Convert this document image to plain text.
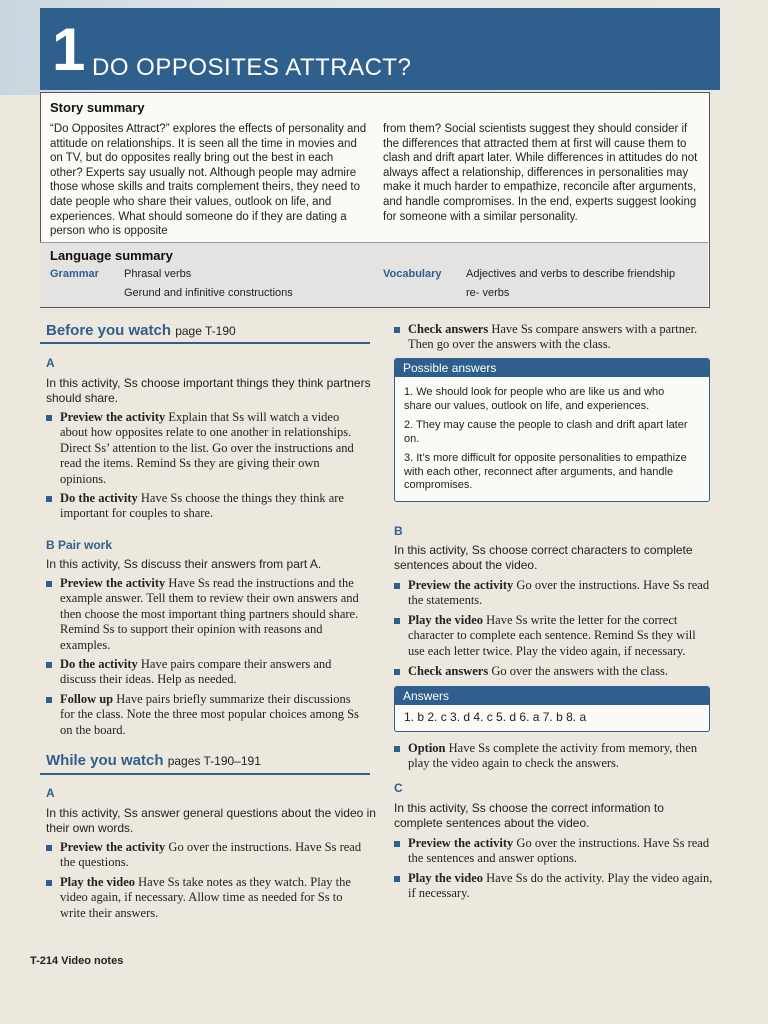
1 DO OPPOSITES ATTRACT?
Story summary
“Do Opposites Attract?” explores the effects of personality and attitude on relationships. It is seen all the time in movies and on TV, but do opposites really bring out the best in each other? Experts say usually not. Although people may admire those whose skills and traits complement theirs, they need to date people who share their values, outlook on life, and experiences. What should someone do if they are dating a person who is opposite
from them? Social scientists suggest they should consider if the differences that attracted them at first will cause them to clash and drift apart later. While differences in attitudes do not always affect a relationship, differences in personalities may make it much harder to empathize, reconcile after arguments, and handle compromises. In the end, experts suggest looking for someone with a similar personality.
Language summary
Grammar Phrasal verbs
Gerund and infinitive constructions
Vocabulary Adjectives and verbs to describe friendship
re- verbs
Before you watch page T-190
A
In this activity, Ss choose important things they think partners should share.
Preview the activity Explain that Ss will watch a video about how opposites relate to one another in relationships. Direct Ss’ attention to the list. Go over the instructions and read the items. Remind Ss they are giving their own opinions.
Do the activity Have Ss choose the things they think are important for couples to share.
B Pair work
In this activity, Ss discuss their answers from part A.
Preview the activity Have Ss read the instructions and the example answer. Tell them to review their own answers and then choose the most important thing partners should share. Remind Ss to support their opinion with reasons and examples.
Do the activity Have pairs compare their answers and discuss their ideas. Help as needed.
Follow up Have pairs briefly summarize their discussions for the class. Note the three most popular choices among Ss on the board.
While you watch pages T-190–191
A
In this activity, Ss answer general questions about the video in their own words.
Preview the activity Go over the instructions. Have Ss read the questions.
Play the video Have Ss take notes as they watch. Play the video again, if necessary. Allow time as needed for Ss to write their answers.
Check answers Have Ss compare answers with a partner. Then go over the answers with the class.
Possible answers
1. We should look for people who are like us and who share our values, outlook on life, and experiences.
2. They may cause the people to clash and drift apart later on.
3. It’s more difficult for opposite personalities to empathize with each other, reconnect after arguments, and handle compromises.
B
In this activity, Ss choose correct characters to complete sentences about the video.
Preview the activity Go over the instructions. Have Ss read the statements.
Play the video Have Ss write the letter for the correct character to complete each sentence. Remind Ss they will use each letter twice. Play the video again, if necessary.
Check answers Go over the answers with the class.
Answers
1. b 2. c 3. d 4. c 5. d 6. a 7. b 8. a
Option Have Ss complete the activity from memory, then play the video again to check the answers.
C
In this activity, Ss choose the correct information to complete sentences about the video.
Preview the activity Go over the instructions. Have Ss read the sentences and answer options.
Play the video Have Ss do the activity. Play the video again, if necessary.
T-214 Video notes
